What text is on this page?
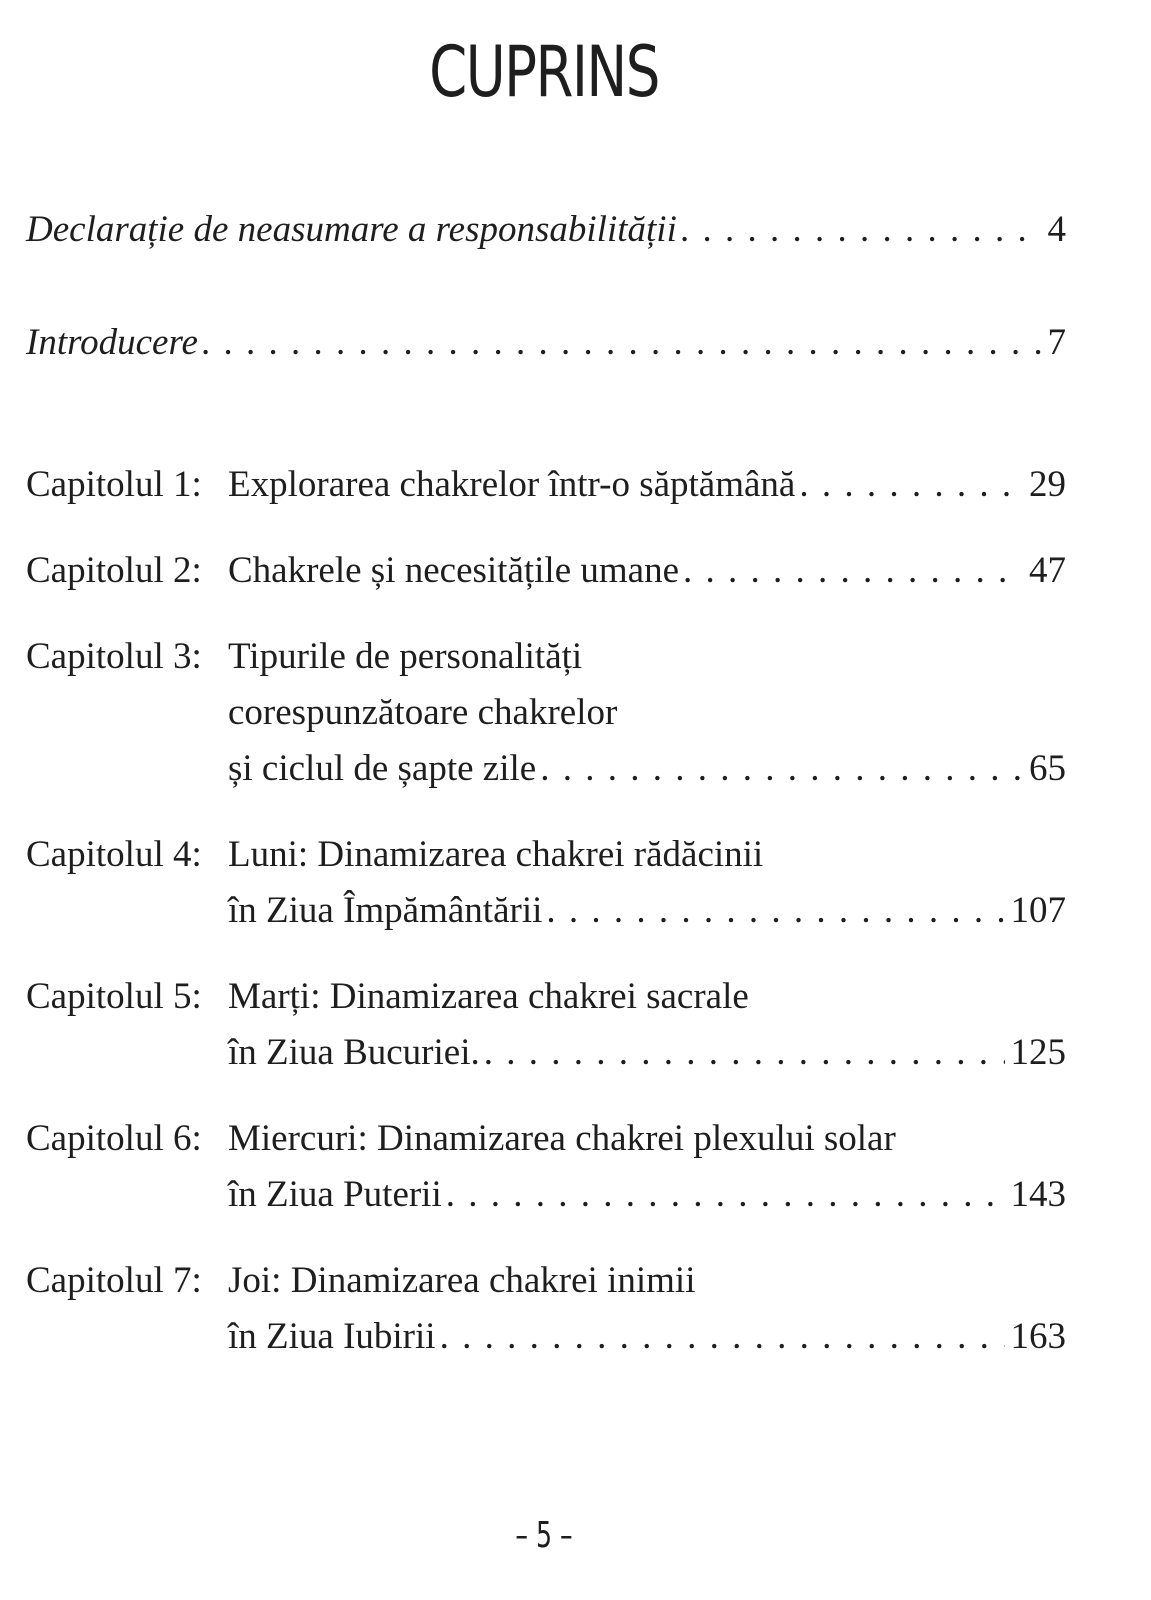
CUPRINS
Declarație de neasumare a responsabilității . . .	4
Introducere . . .	7
Capitolul 1: Explorarea chakrelor într-o săptămână . . .	29
Capitolul 2: Chakrele și necesitățile umane . . .	47
Capitolul 3: Tipurile de personalități
corespunzătoare chakrelor
și ciclul de șapte zile . . .	65
Capitolul 4: Luni: Dinamizarea chakrei rădăcinii
în Ziua Împământării . . .	107
Capitolul 5: Marți: Dinamizarea chakrei sacrale
în Ziua Bucuriei. . . .	125
Capitolul 6: Miercuri: Dinamizarea chakrei plexului solar
în Ziua Puterii . . .	143
Capitolul 7: Joi: Dinamizarea chakrei inimii
în Ziua Iubirii . . .	163
– 5 –
